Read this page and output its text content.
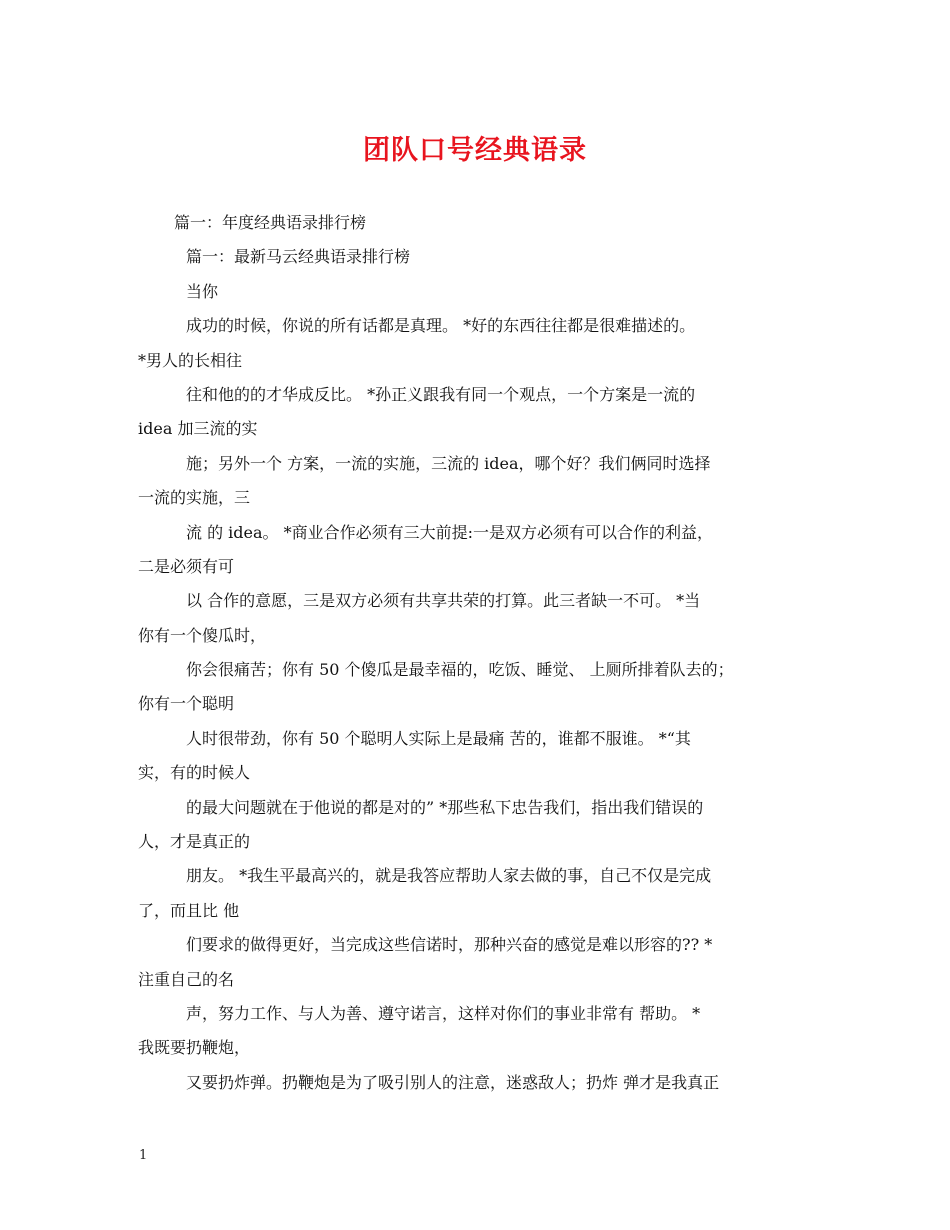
团队口号经典语录
篇一：年度经典语录排行榜
篇一：最新马云经典语录排行榜
当你
成功的时候，你说的所有话都是真理。 *好的东西往往都是很难描述的。
*男人的长相往
往和他的的才华成反比。 *孙正义跟我有同一个观点，一个方案是一流的
idea 加三流的实
施；另外一个 方案，一流的实施，三流的 idea，哪个好？我们俩同时选择
一流的实施，三
流 的 idea。 *商业合作必须有三大前提:一是双方必须有可以合作的利益，
二是必须有可
以 合作的意愿，三是双方必须有共享共荣的打算。此三者缺一不可。 *当
你有一个傻瓜时，
你会很痛苦；你有 50 个傻瓜是最幸福的，吃饭、睡觉、 上厕所排着队去的；
你有一个聪明
人时很带劲，你有 50 个聪明人实际上是最痛 苦的，谁都不服谁。 *“其
实，有的时候人
的最大问题就在于他说的都是对的” *那些私下忠告我们，指出我们错误的
人，才是真正的
朋友。 *我生平最高兴的，就是我答应帮助人家去做的事，自己不仅是完成
了，而且比 他
们要求的做得更好，当完成这些信诺时，那种兴奋的感觉是难以形容的?? *
注重自己的名
声，努力工作、与人为善、遵守诺言，这样对你们的事业非常有 帮助。 *
我既要扔鞭炮，
又要扔炸弹。扔鞭炮是为了吸引别人的注意，迷惑敌人；扔炸 弹才是我真正
1
